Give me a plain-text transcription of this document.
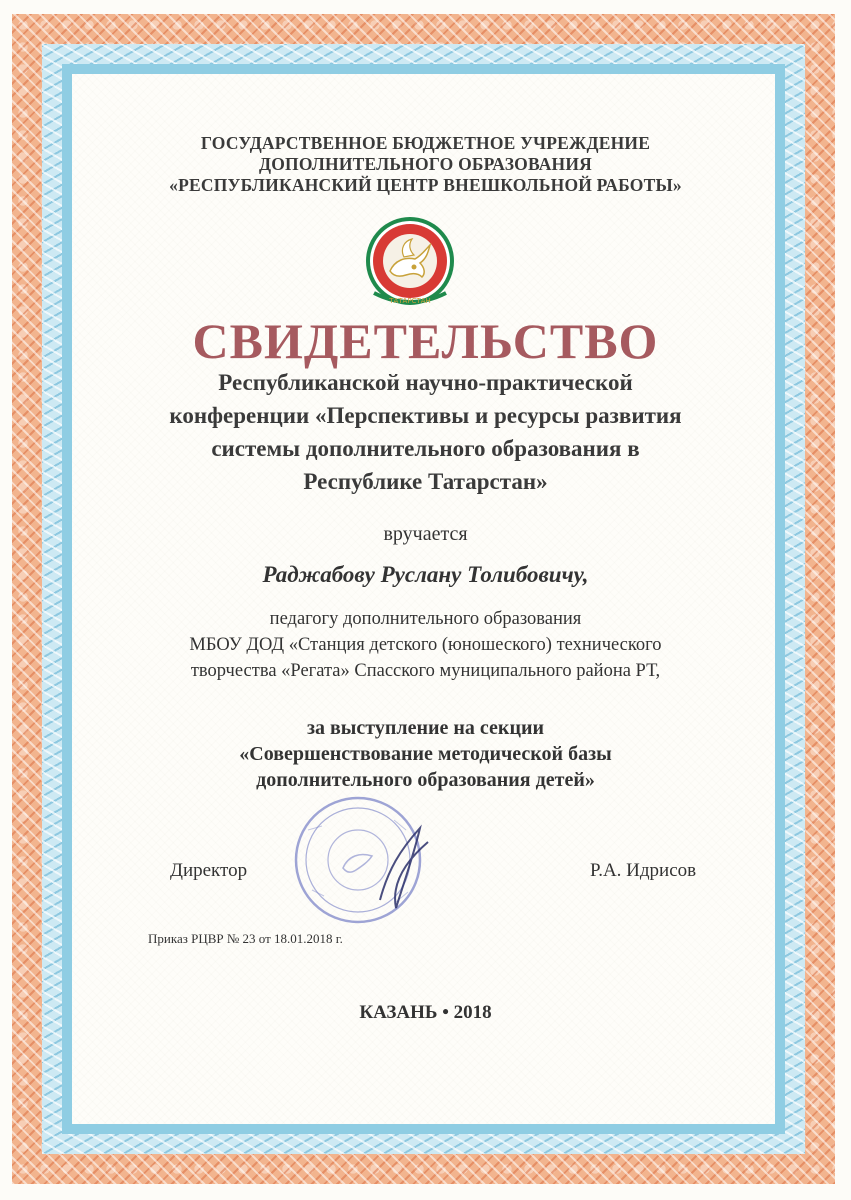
ГОСУДАРСТВЕННОЕ БЮДЖЕТНОЕ УЧРЕЖДЕНИЕ
ДОПОЛНИТЕЛЬНОГО ОБРАЗОВАНИЯ
«РЕСПУБЛИКАНСКИЙ ЦЕНТР ВНЕШКОЛЬНОЙ РАБОТЫ»
ТАТАРСТАН
СВИДЕТЕЛЬСТВО
Республиканской научно-практической
конференции «Перспективы и ресурсы развития
системы дополнительного образования в
Республике Татарстан»
вручается
Раджабову Руслану Толибовичу,
педагогу дополнительного образования
МБОУ ДОД «Станция детского (юношеского) технического
творчества «Регата» Спасского муниципального района РТ,
за выступление на секции
«Совершенствование методической базы
дополнительного образования детей»
Директор	Р.А. Идрисов
Приказ РЦВР № 23 от 18.01.2018 г.
КАЗАНЬ • 2018
